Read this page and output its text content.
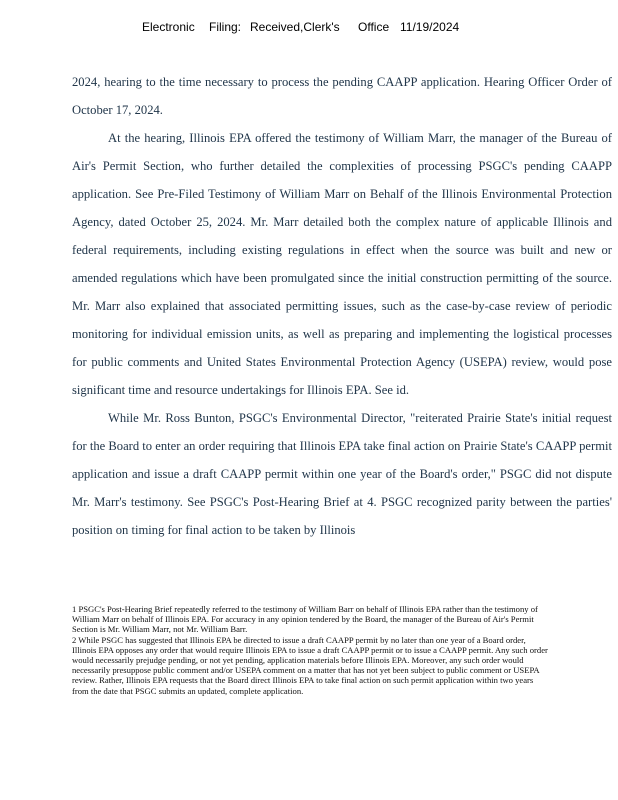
Electronic Filing: Received,Clerk's Office 11/19/2024

2024, hearing to the time necessary to process the pending CAAPP application. Hearing Officer Order of October 17, 2024.

At the hearing, Illinois EPA offered the testimony of William Marr, the manager of the Bureau of Air's Permit Section, who further detailed the complexities of processing PSGC's pending CAAPP application. See Pre-Filed Testimony of William Marr on Behalf of the Illinois Environmental Protection Agency, dated October 25, 2024. Mr. Marr detailed both the complex nature of applicable Illinois and federal requirements, including existing regulations in effect when the source was built and new or amended regulations which have been promulgated since the initial construction permitting of the source. Mr. Marr also explained that associated permitting issues, such as the case-by-case review of periodic monitoring for individual emission units, as well as preparing and implementing the logistical processes for public comments and United States Environmental Protection Agency (USEPA) review, would pose significant time and resource undertakings for Illinois EPA. See id.

While Mr. Ross Bunton, PSGC's Environmental Director, "reiterated Prairie State's initial request for the Board to enter an order requiring that Illinois EPA take final action on Prairie State's CAAPP permit application and issue a draft CAAPP permit within one year of the Board's order," PSGC did not dispute Mr. Marr's testimony. See PSGC's Post-Hearing Brief at 4. PSGC recognized parity between the parties' position on timing for final action to be taken by Illinois

1 PSGC's Post-Hearing Brief repeatedly referred to the testimony of William Barr on behalf of Illinois EPA rather than the testimony of William Marr on behalf of Illinois EPA. For accuracy in any opinion tendered by the Board, the manager of the Bureau of Air's Permit Section is Mr. William Marr, not Mr. William Barr.

2 While PSGC has suggested that Illinois EPA be directed to issue a draft CAAPP permit by no later than one year of a Board order, Illinois EPA opposes any order that would require Illinois EPA to issue a draft CAAPP permit or to issue a CAAPP permit. Any such order would necessarily prejudge pending, or not yet pending, application materials before Illinois EPA. Moreover, any such order would necessarily presuppose public comment and/or USEPA comment on a matter that has not yet been subject to public comment or USEPA review. Rather, Illinois EPA requests that the Board direct Illinois EPA to take final action on such permit application within two years from the date that PSGC submits an updated, complete application.
